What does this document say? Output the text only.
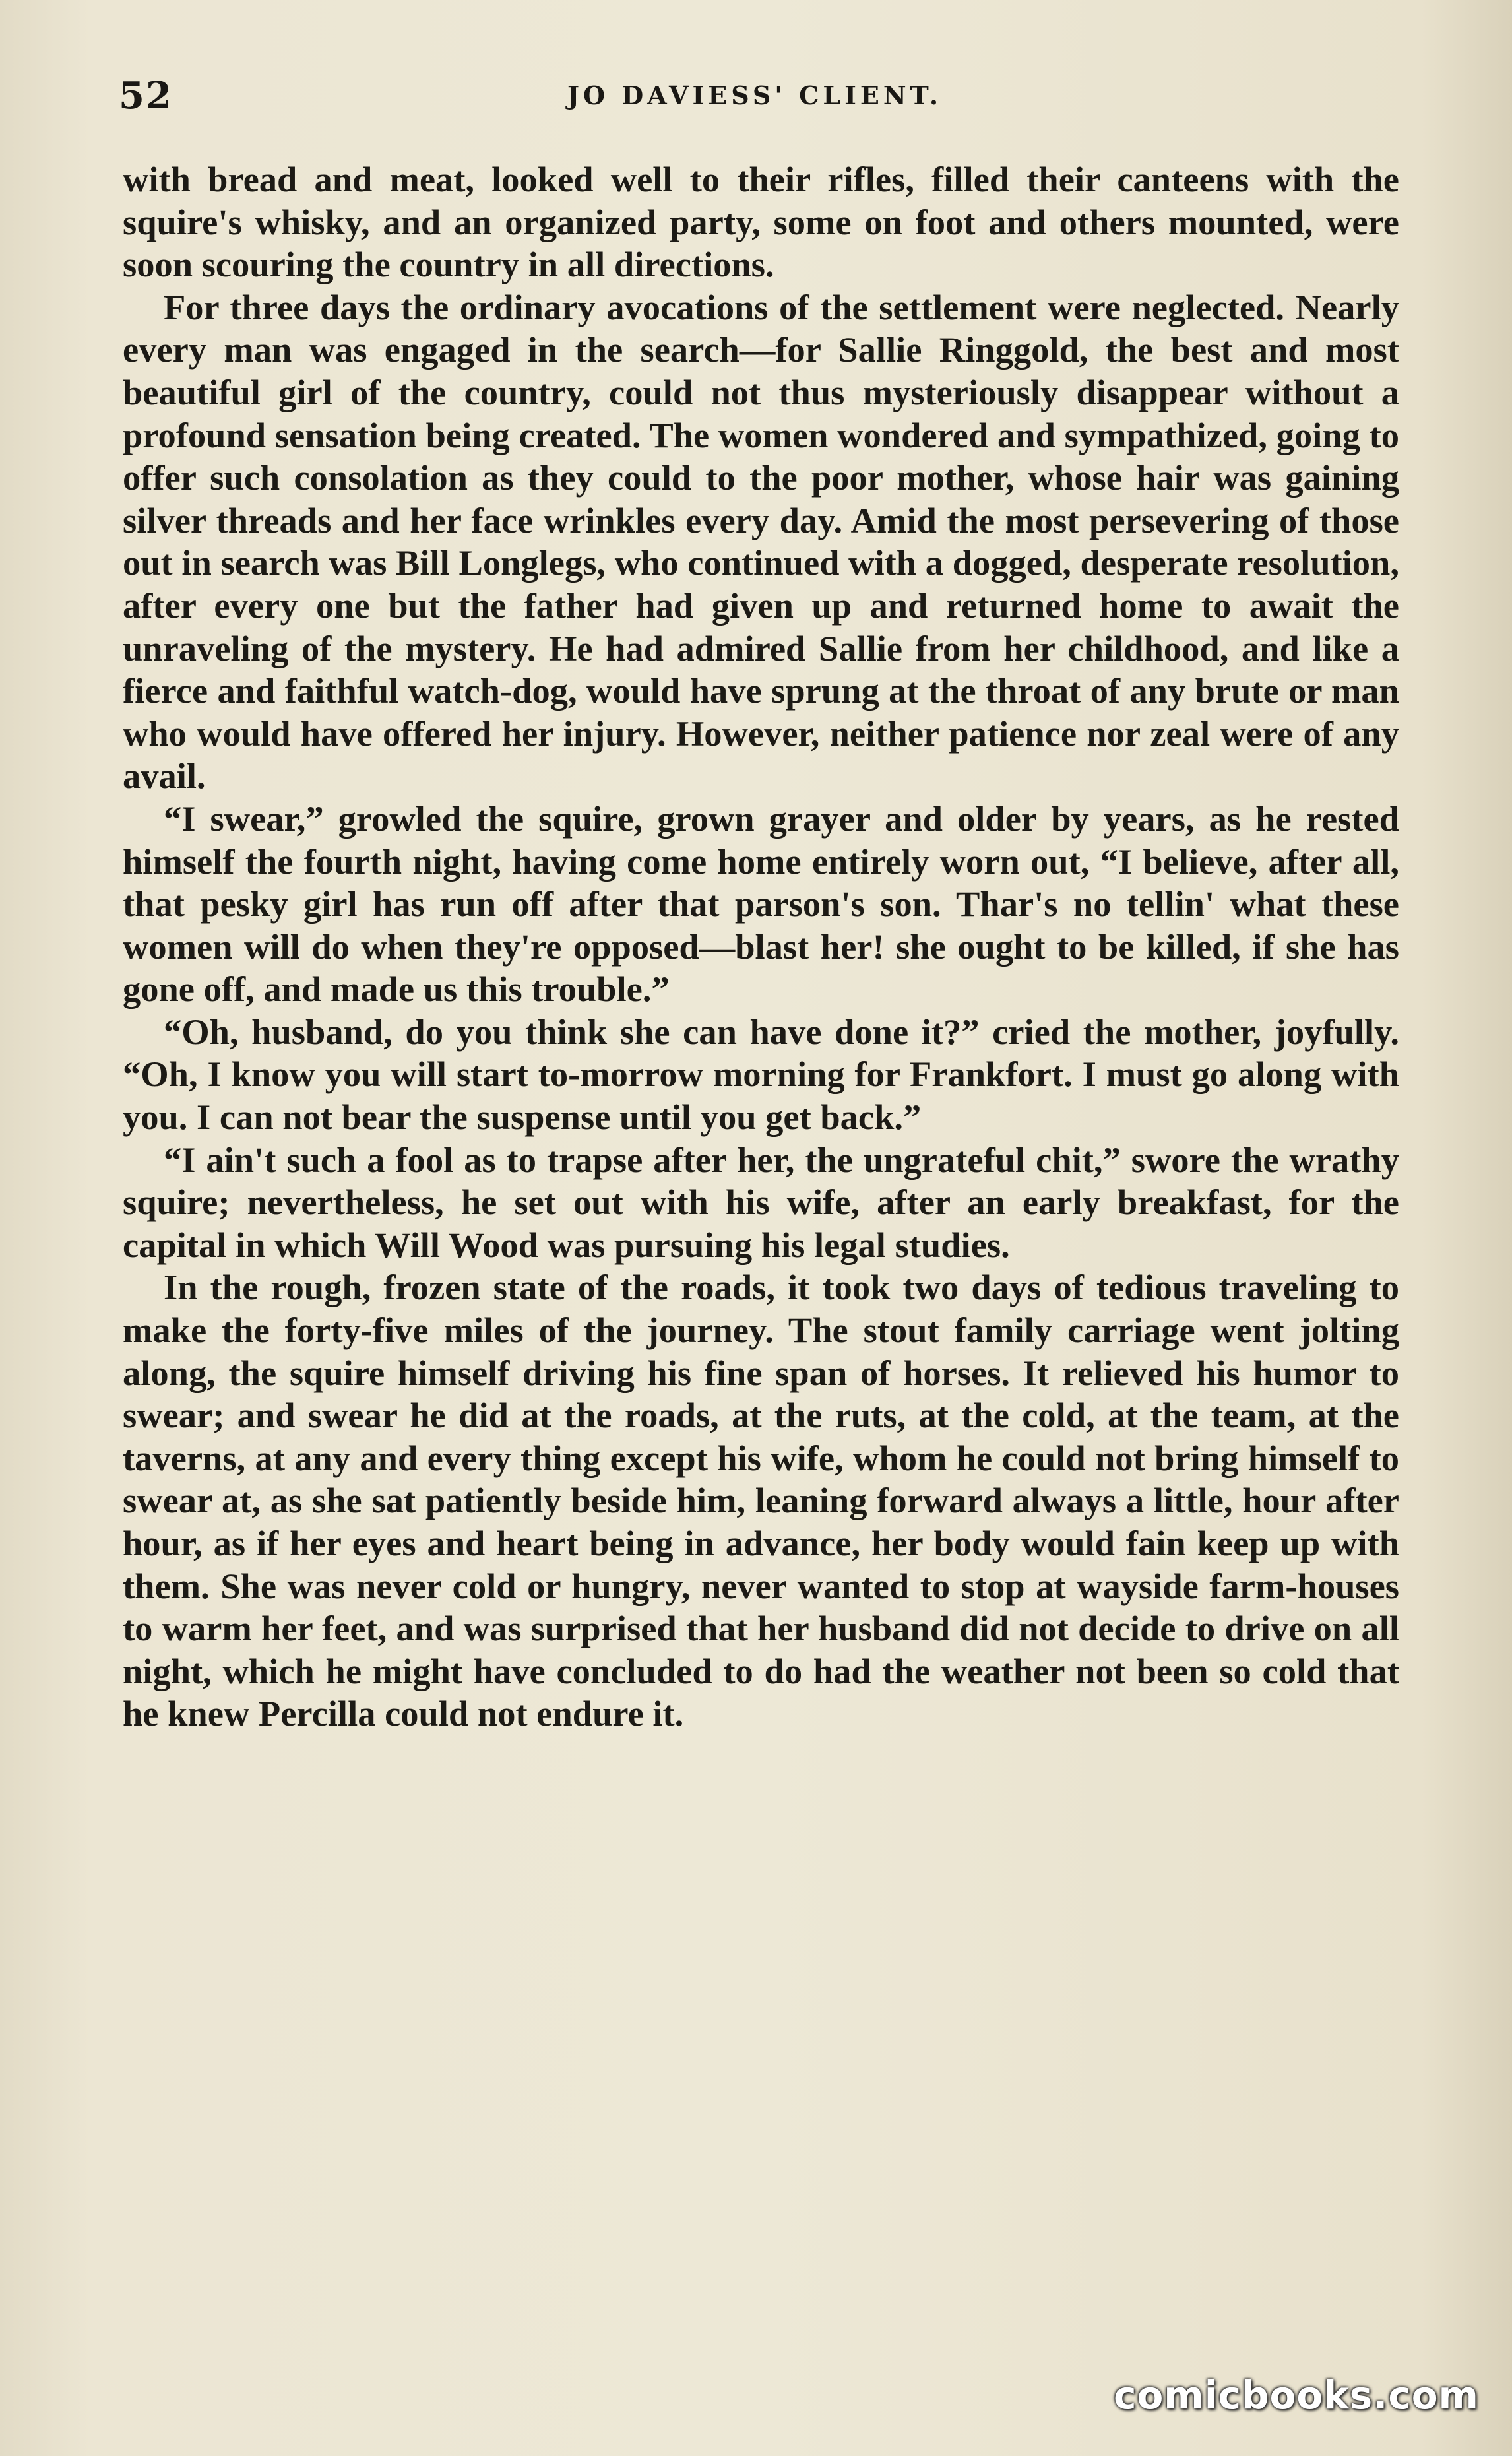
52	JO DAVIESS' CLIENT.

with bread and meat, looked well to their rifles, filled their canteens with the squire's whisky, and an organized party, some on foot and others mounted, were soon scouring the country in all directions.

For three days the ordinary avocations of the settlement were neglected. Nearly every man was engaged in the search—for Sallie Ringgold, the best and most beautiful girl of the country, could not thus mysteriously disappear without a profound sensation being created. The women wondered and sympathized, going to offer such consolation as they could to the poor mother, whose hair was gaining silver threads and her face wrinkles every day. Amid the most persevering of those out in search was Bill Longlegs, who continued with a dogged, desperate resolution, after every one but the father had given up and returned home to await the unraveling of the mystery. He had admired Sallie from her childhood, and like a fierce and faithful watch-dog, would have sprung at the throat of any brute or man who would have offered her injury. However, neither patience nor zeal were of any avail.

“I swear,” growled the squire, grown grayer and older by years, as he rested himself the fourth night, having come home entirely worn out, “I believe, after all, that pesky girl has run off after that parson's son. Thar's no tellin' what these women will do when they're opposed—blast her! she ought to be killed, if she has gone off, and made us this trouble.”

“Oh, husband, do you think she can have done it?” cried the mother, joyfully. “Oh, I know you will start to-morrow morning for Frankfort. I must go along with you. I can not bear the suspense until you get back.”

“I ain't such a fool as to trapse after her, the ungrateful chit,” swore the wrathy squire; nevertheless, he set out with his wife, after an early breakfast, for the capital in which Will Wood was pursuing his legal studies.

In the rough, frozen state of the roads, it took two days of tedious traveling to make the forty-five miles of the journey. The stout family carriage went jolting along, the squire himself driving his fine span of horses. It relieved his humor to swear; and swear he did at the roads, at the ruts, at the cold, at the team, at the taverns, at any and every thing except his wife, whom he could not bring himself to swear at, as she sat patiently beside him, leaning forward always a little, hour after hour, as if her eyes and heart being in advance, her body would fain keep up with them. She was never cold or hungry, never wanted to stop at wayside farm-houses to warm her feet, and was surprised that her husband did not decide to drive on all night, which he might have concluded to do had the weather not been so cold that he knew Percilla could not endure it.

comicbooks.com
